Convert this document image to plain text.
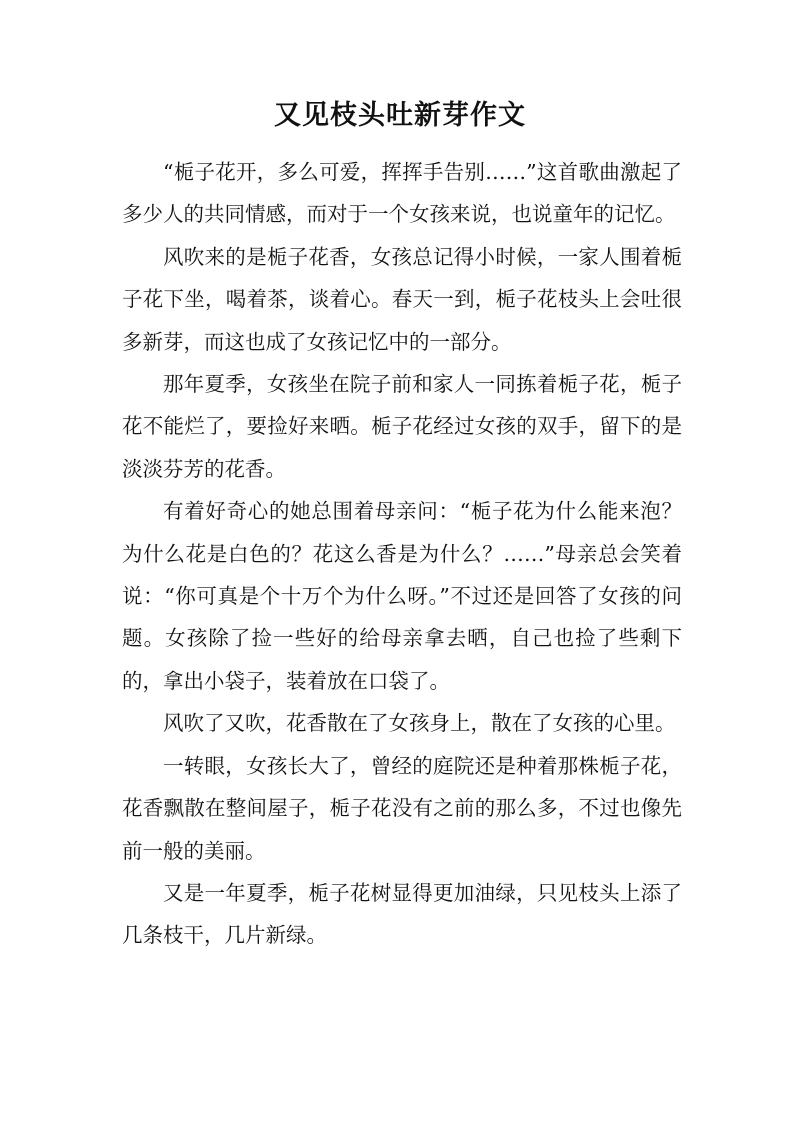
又见枝头吐新芽作文

“栀子花开，多么可爱，挥挥手告别……”这首歌曲激起了多少人的共同情感，而对于一个女孩来说，也说童年的记忆。

风吹来的是栀子花香，女孩总记得小时候，一家人围着栀子花下坐，喝着茶，谈着心。春天一到，栀子花枝头上会吐很多新芽，而这也成了女孩记忆中的一部分。

那年夏季，女孩坐在院子前和家人一同拣着栀子花，栀子花不能烂了，要捡好来晒。栀子花经过女孩的双手，留下的是淡淡芬芳的花香。

有着好奇心的她总围着母亲问：“栀子花为什么能来泡？为什么花是白色的？花这么香是为什么？……”母亲总会笑着说：“你可真是个十万个为什么呀。”不过还是回答了女孩的问题。女孩除了捡一些好的给母亲拿去晒，自己也捡了些剩下的，拿出小袋子，装着放在口袋了。

风吹了又吹，花香散在了女孩身上，散在了女孩的心里。

一转眼，女孩长大了，曾经的庭院还是种着那株栀子花，花香飘散在整间屋子，栀子花没有之前的那么多，不过也像先前一般的美丽。

又是一年夏季，栀子花树显得更加油绿，只见枝头上添了几条枝干，几片新绿。
